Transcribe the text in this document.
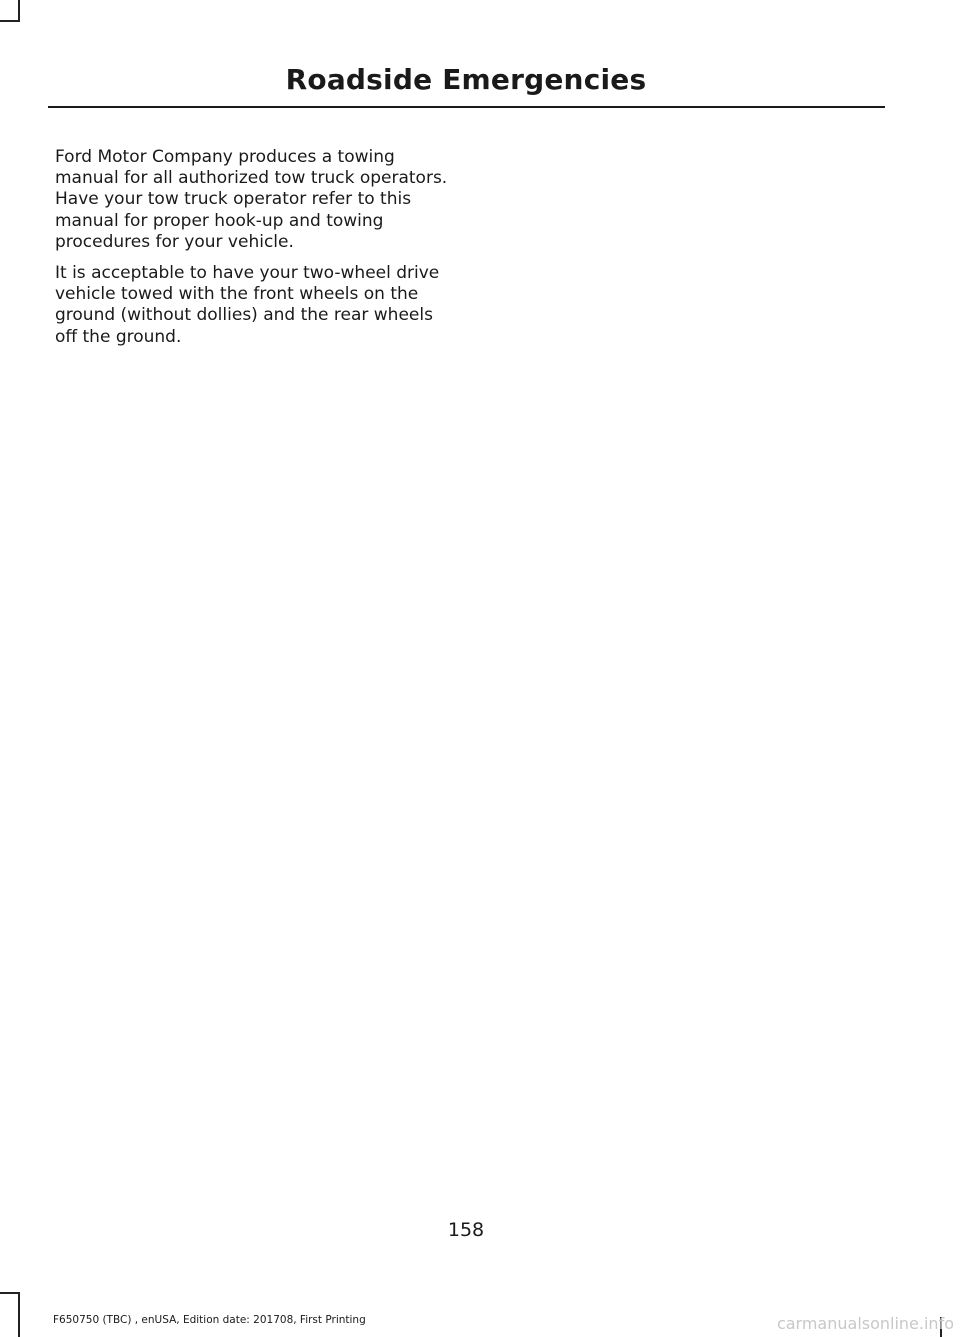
Roadside Emergencies

Ford Motor Company produces a towing manual for all authorized tow truck operators. Have your tow truck operator refer to this manual for proper hook-up and towing procedures for your vehicle.

It is acceptable to have your two-wheel drive vehicle towed with the front wheels on the ground (without dollies) and the rear wheels off the ground.

158
F650750 (TBC) , enUSA, Edition date: 201708, First Printing	carmanualsonline.info
